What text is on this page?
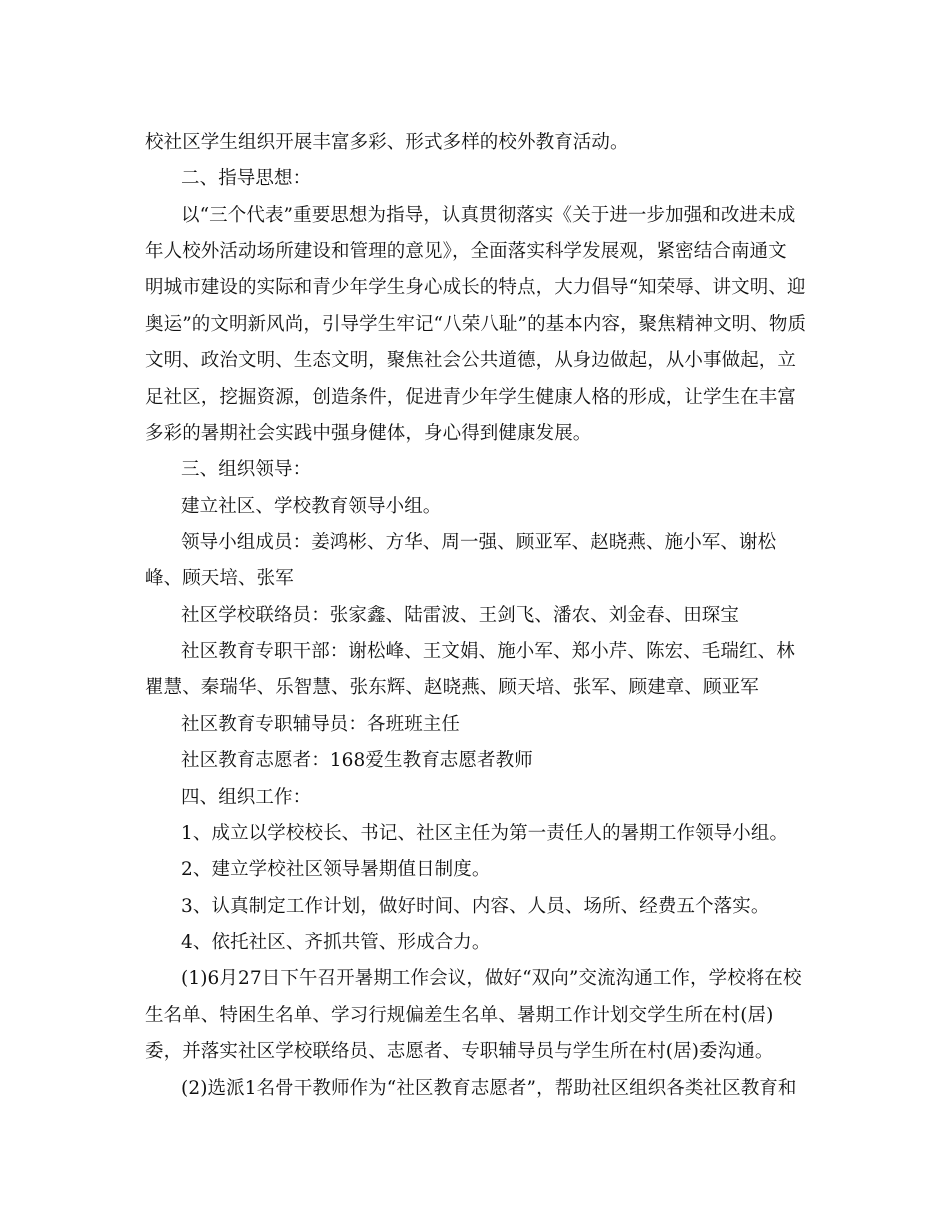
校社区学生组织开展丰富多彩、形式多样的校外教育活动。
二、指导思想：
以“三个代表”重要思想为指导，认真贯彻落实《关于进一步加强和改进未成
年人校外活动场所建设和管理的意见》，全面落实科学发展观，紧密结合南通文
明城市建设的实际和青少年学生身心成长的特点，大力倡导“知荣辱、讲文明、迎
奥运”的文明新风尚，引导学生牢记“八荣八耻”的基本内容，聚焦精神文明、物质
文明、政治文明、生态文明，聚焦社会公共道德，从身边做起，从小事做起，立
足社区，挖掘资源，创造条件，促进青少年学生健康人格的形成，让学生在丰富
多彩的暑期社会实践中强身健体，身心得到健康发展。
三、组织领导：
建立社区、学校教育领导小组。
领导小组成员：姜鸿彬、方华、周一强、顾亚军、赵晓燕、施小军、谢松
峰、顾天培、张军
社区学校联络员：张家鑫、陆雷波、王剑飞、潘农、刘金春、田琛宝
社区教育专职干部：谢松峰、王文娟、施小军、郑小芹、陈宏、毛瑞红、林
瞿慧、秦瑞华、乐智慧、张东辉、赵晓燕、顾天培、张军、顾建章、顾亚军
社区教育专职辅导员：各班班主任
社区教育志愿者：168爱生教育志愿者教师
四、组织工作：
1、成立以学校校长、书记、社区主任为第一责任人的暑期工作领导小组。
2、建立学校社区领导暑期值日制度。
3、认真制定工作计划，做好时间、内容、人员、场所、经费五个落实。
4、依托社区、齐抓共管、形成合力。
(1)6月27日下午召开暑期工作会议，做好“双向”交流沟通工作，学校将在校
生名单、特困生名单、学习行规偏差生名单、暑期工作计划交学生所在村(居)
委，并落实社区学校联络员、志愿者、专职辅导员与学生所在村(居)委沟通。
(2)选派1名骨干教师作为“社区教育志愿者”，帮助社区组织各类社区教育和
